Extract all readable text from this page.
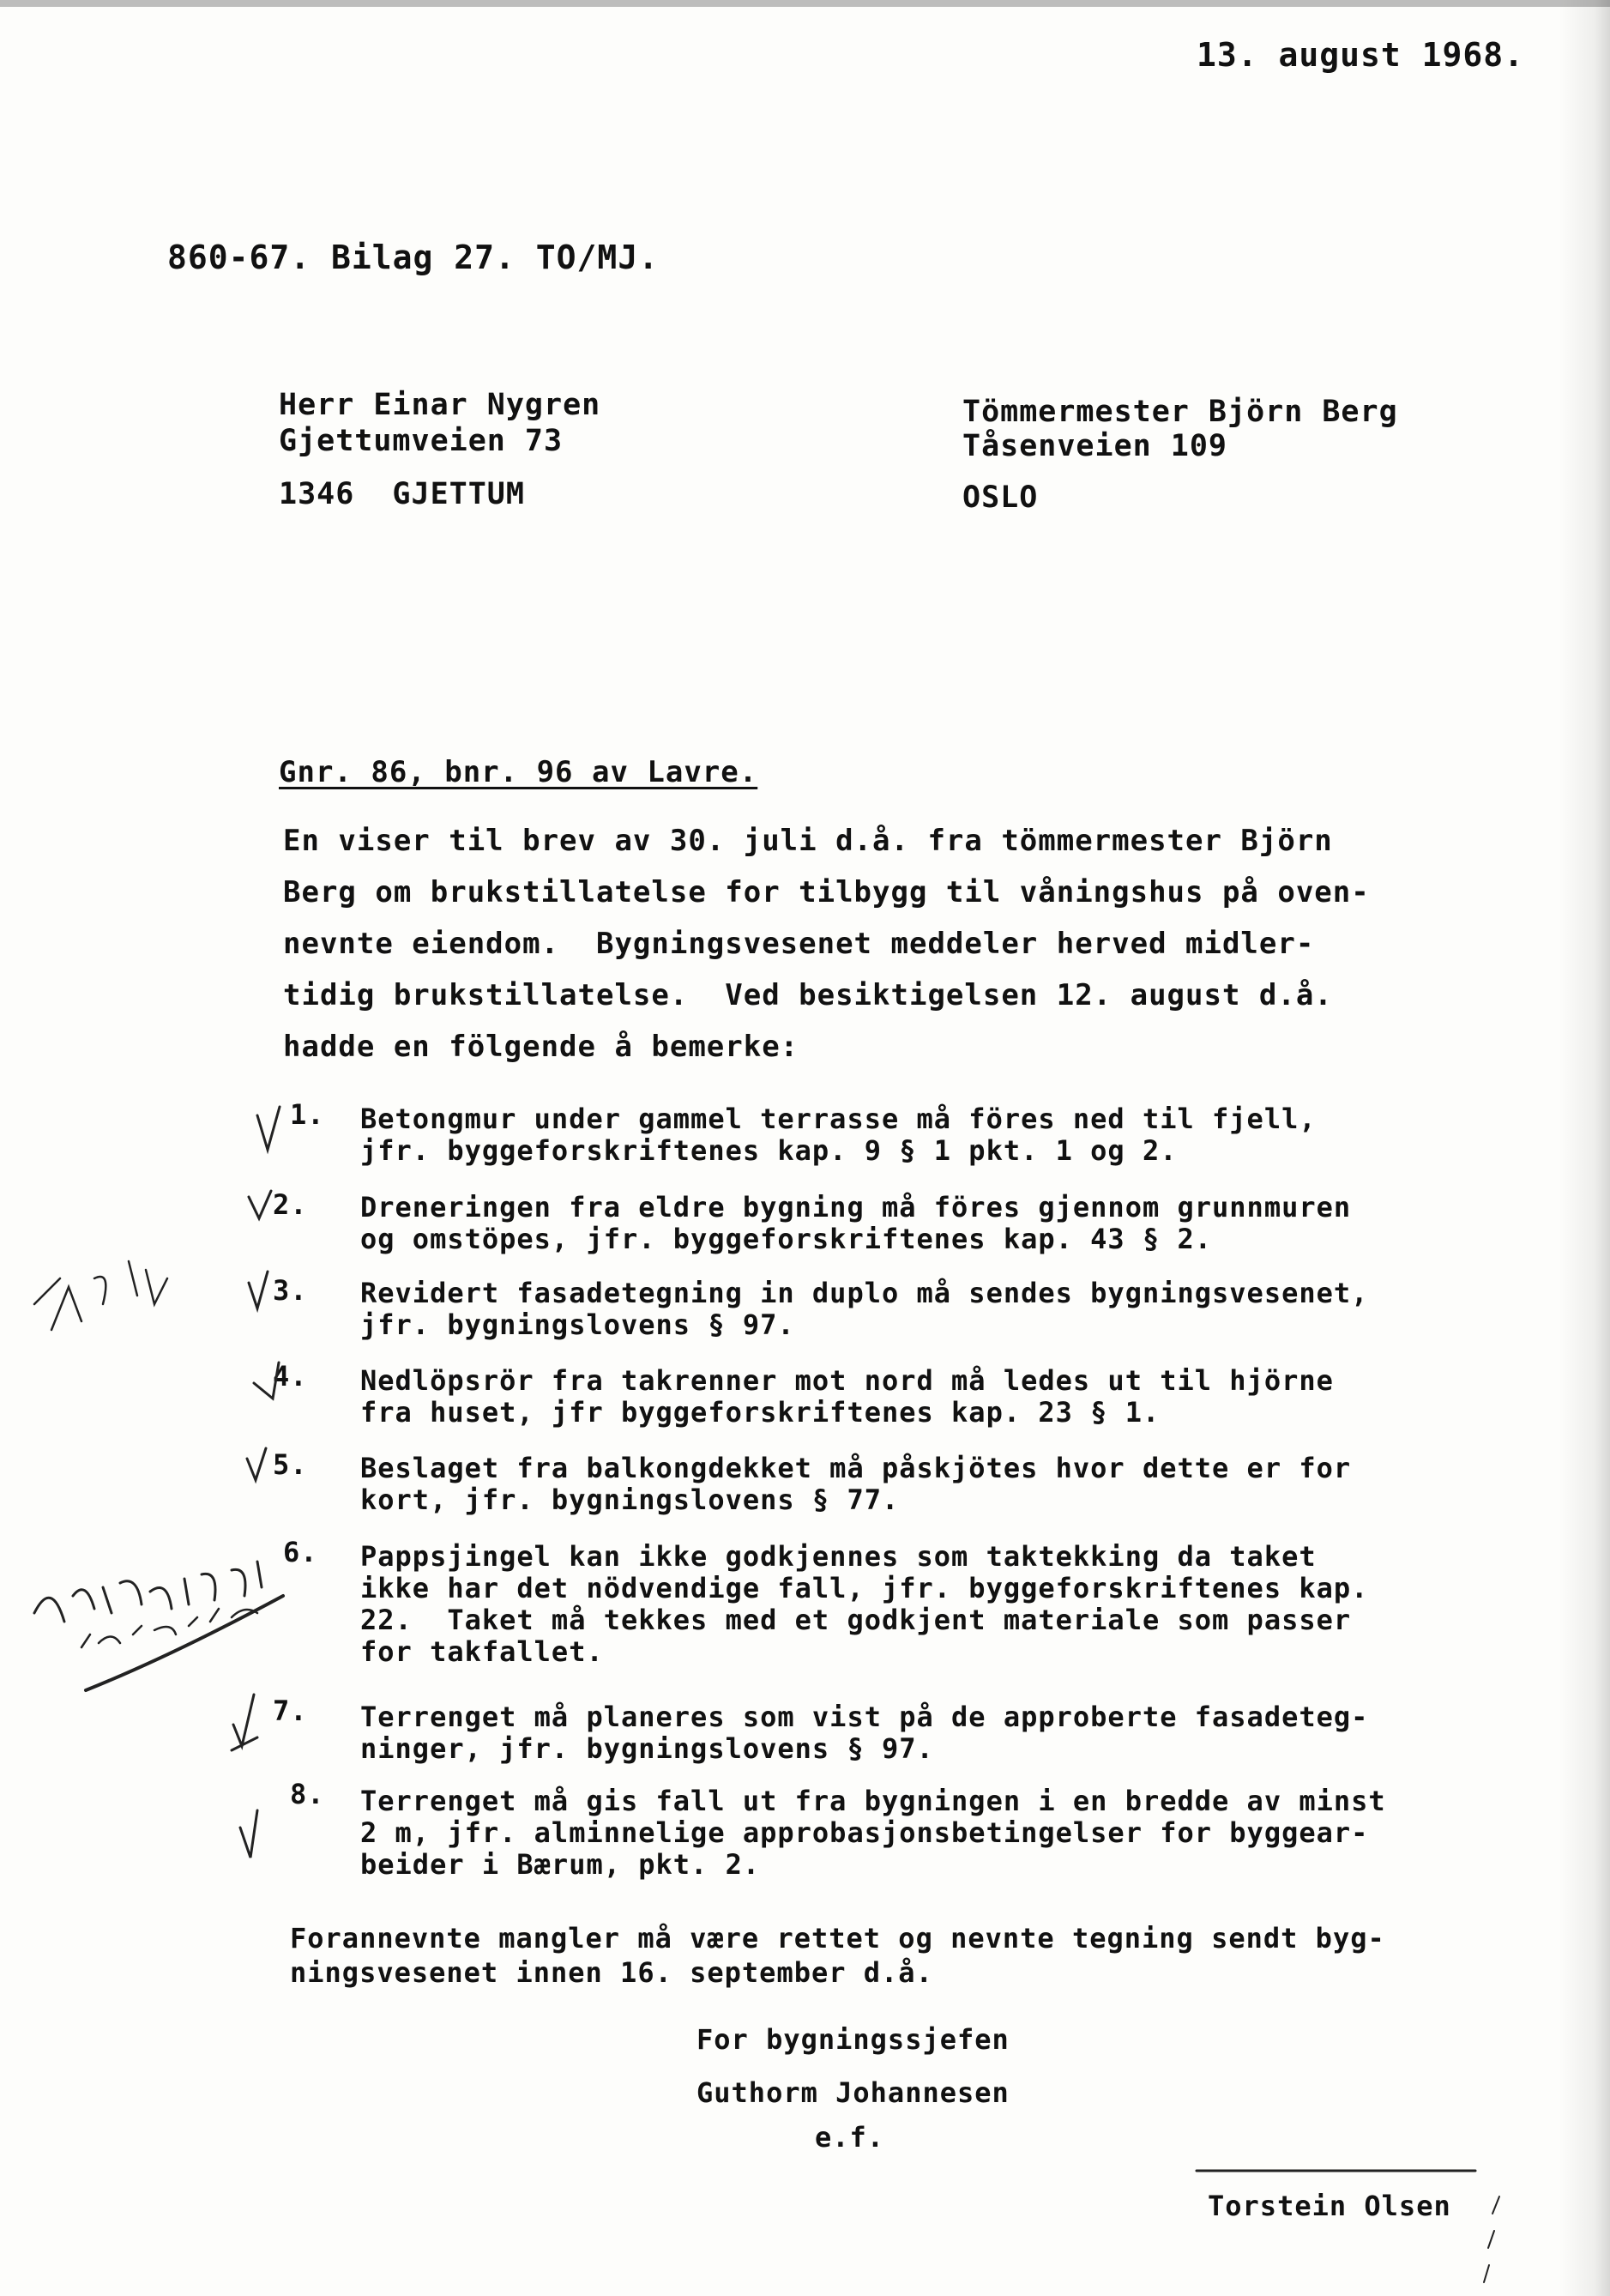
13. august 1968.
860-67. Bilag 27. TO/MJ.
Herr Einar Nygren
Gjettumveien 73
1346  GJETTUM
Tömmermester Björn Berg
Tåsenveien 109
OSLO
Gnr. 86, bnr. 96 av Lavre.
En viser til brev av 30. juli d.å. fra tömmermester Björn
Berg om brukstillatelse for tilbygg til våningshus på oven-
nevnte eiendom.  Bygningsvesenet meddeler herved midler-
tidig brukstillatelse.  Ved besiktigelsen 12. august d.å.
hadde en fölgende å bemerke:
1. Betongmur under gammel terrasse må föres ned til fjell,
jfr. byggeforskriftenes kap. 9 § 1 pkt. 1 og 2.
2. Dreneringen fra eldre bygning må föres gjennom grunnmuren
og omstöpes, jfr. byggeforskriftenes kap. 43 § 2.
3. Revidert fasadetegning in duplo må sendes bygningsvesenet,
jfr. bygningslovens § 97.
4. Nedlöpsrör fra takrenner mot nord må ledes ut til hjörne
fra huset, jfr byggeforskriftenes kap. 23 § 1.
5. Beslaget fra balkongdekket må påskjötes hvor dette er for
kort, jfr. bygningslovens § 77.
6. Pappsjingel kan ikke godkjennes som taktekking da taket
ikke har det nödvendige fall, jfr. byggeforskriftenes kap.
22.  Taket må tekkes med et godkjent materiale som passer
for takfallet.
7. Terrenget må planeres som vist på de approberte fasadeteg-
ninger, jfr. bygningslovens § 97.
8. Terrenget må gis fall ut fra bygningen i en bredde av minst
2 m, jfr. alminnelige approbasjonsbetingelser for byggear-
beider i Bærum, pkt. 2.
Forannevnte mangler må være rettet og nevnte tegning sendt byg-
ningsvesenet innen 16. september d.å.
For bygningssjefen
Guthorm Johannesen
e.f.
Torstein Olsen
